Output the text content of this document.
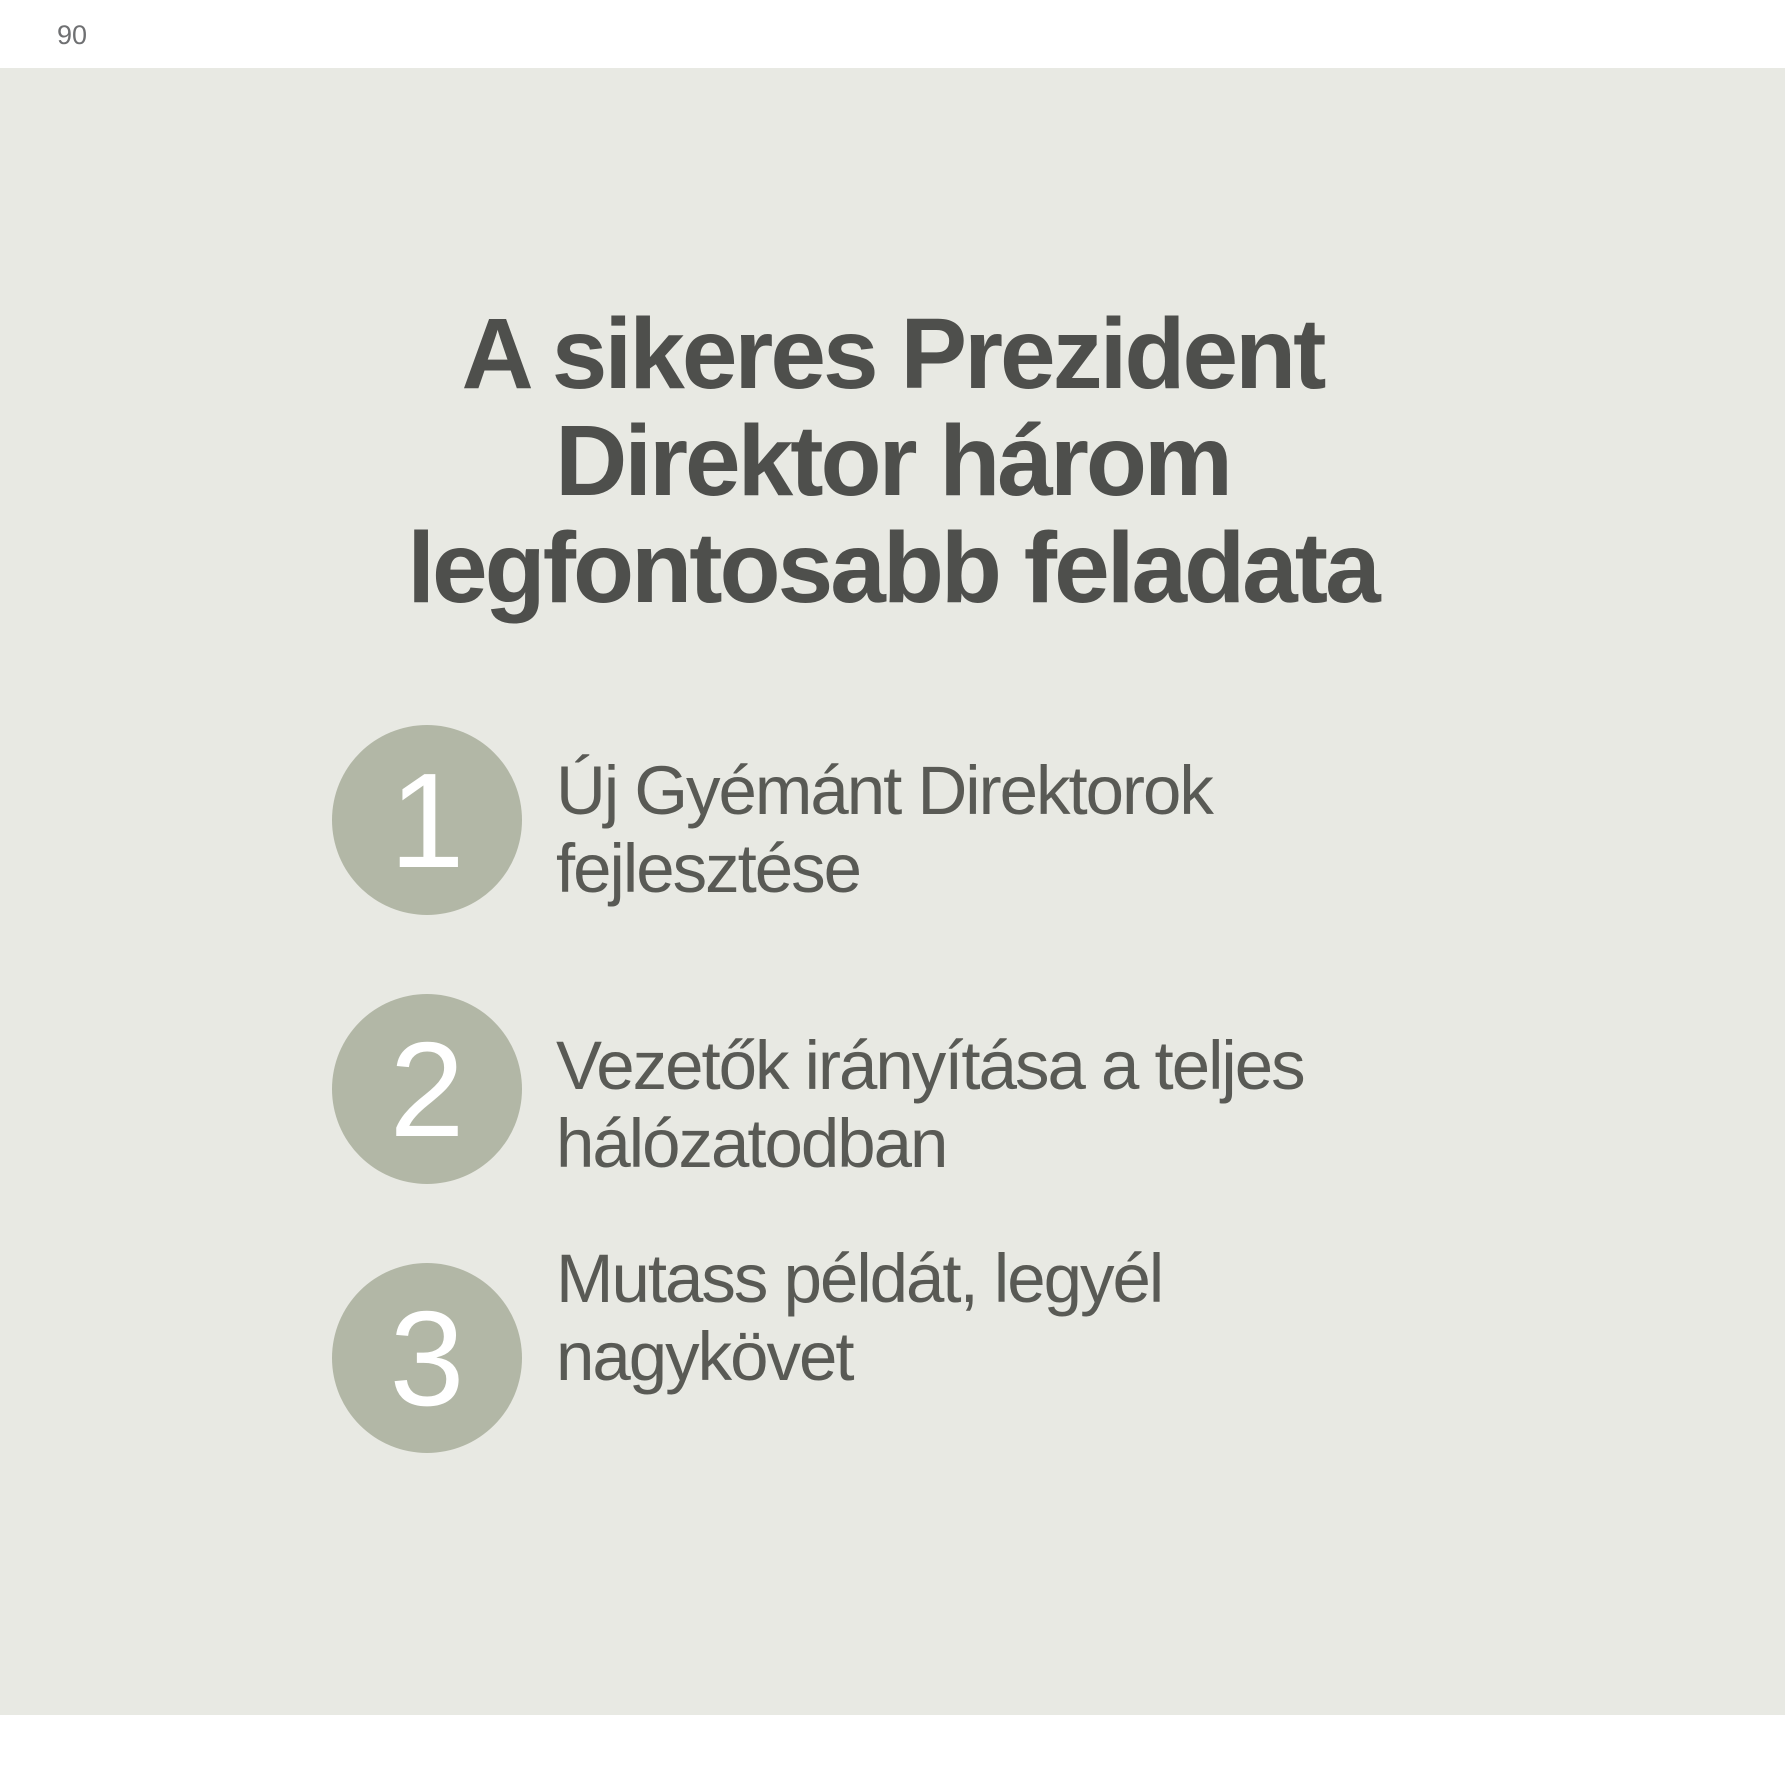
90
A sikeres Prezident
Direktor három
legfontosabb feladata
1 Új Gyémánt Direktorok
fejlesztése
2 Vezetők irányítása a teljes
hálózatodban
3
Mutass példát, legyél
nagykövet
